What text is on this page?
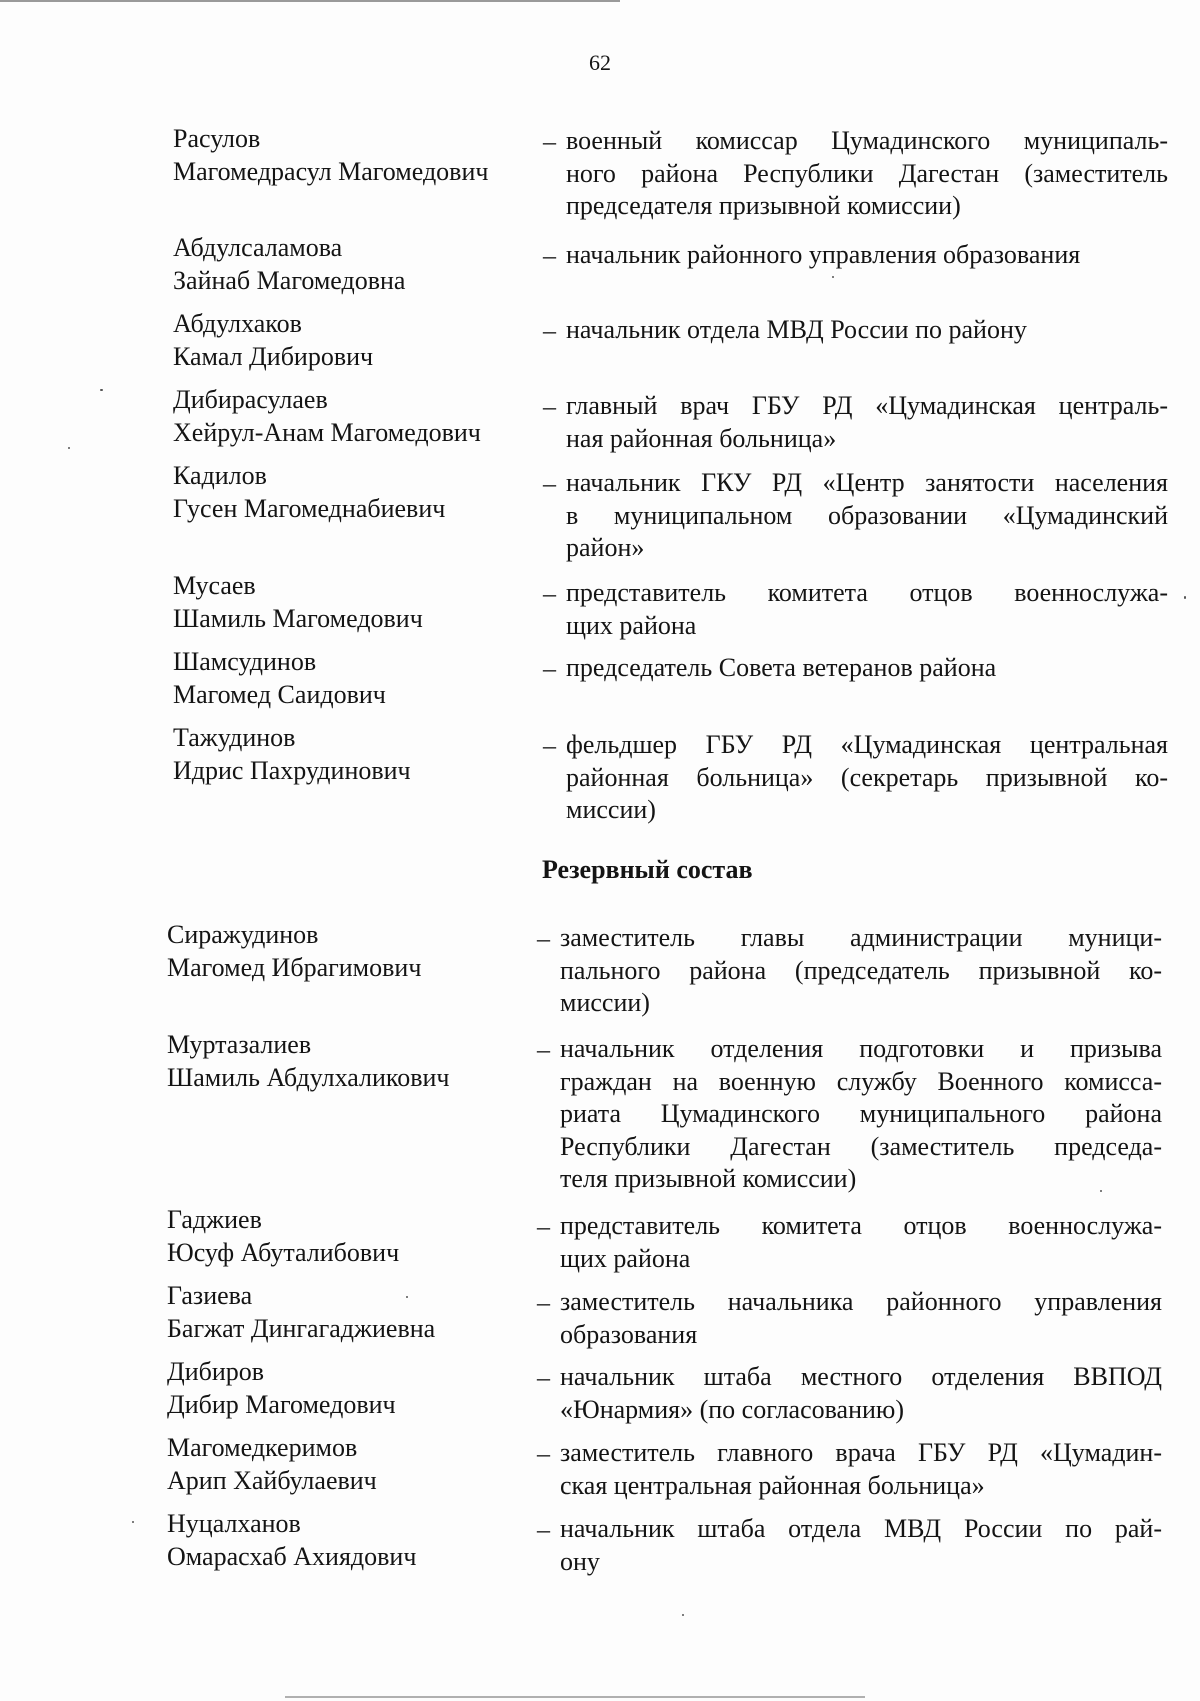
62
Расулов
Магомедрасул Магомедович
– военный комиссар Цумадинского муниципаль-
ного района Республики Дагестан (заместитель
председателя призывной комиссии)
Абдулсаламова
Зайнаб Магомедовна
– начальник районного управления образования
Абдулхаков
Камал Дибирович
– начальник отдела МВД России по району
Дибирасулаев
Хейрул-Анам Магомедович
– главный врач ГБУ РД «Цумадинская централь-
ная районная больница»
Кадилов
Гусен Магомеднабиевич
– начальник ГКУ РД «Центр занятости населения
в муниципальном образовании «Цумадинский
район»
Мусаев
Шамиль Магомедович
– представитель комитета отцов военнослужа-
щих района
Шамсудинов
Магомед Саидович
– председатель Совета ветеранов района
Тажудинов
Идрис Пахрудинович
– фельдшер ГБУ РД «Цумадинская центральная
районная больница» (секретарь призывной ко-
миссии)
Резервный состав
Сиражудинов
Магомед Ибрагимович
– заместитель главы администрации муници-
пального района (председатель призывной ко-
миссии)
Муртазалиев
Шамиль Абдулхаликович
– начальник отделения подготовки и призыва
граждан на военную службу Военного комисса-
риата Цумадинского муниципального района
Республики Дагестан (заместитель председа-
теля призывной комиссии)
Гаджиев
Юсуф Абуталибович
– представитель комитета отцов военнослужа-
щих района
Газиева
Багжат Дингагаджиевна
– заместитель начальника районного управления
образования
Дибиров
Дибир Магомедович
– начальник штаба местного отделения ВВПОД
«Юнармия» (по согласованию)
Магомедкеримов
Арип Хайбулаевич
– заместитель главного врача ГБУ РД «Цумадин-
ская центральная районная больница»
Нуцалханов
Омарасхаб Ахиядович
– начальник штаба отдела МВД России по рай-
ону
